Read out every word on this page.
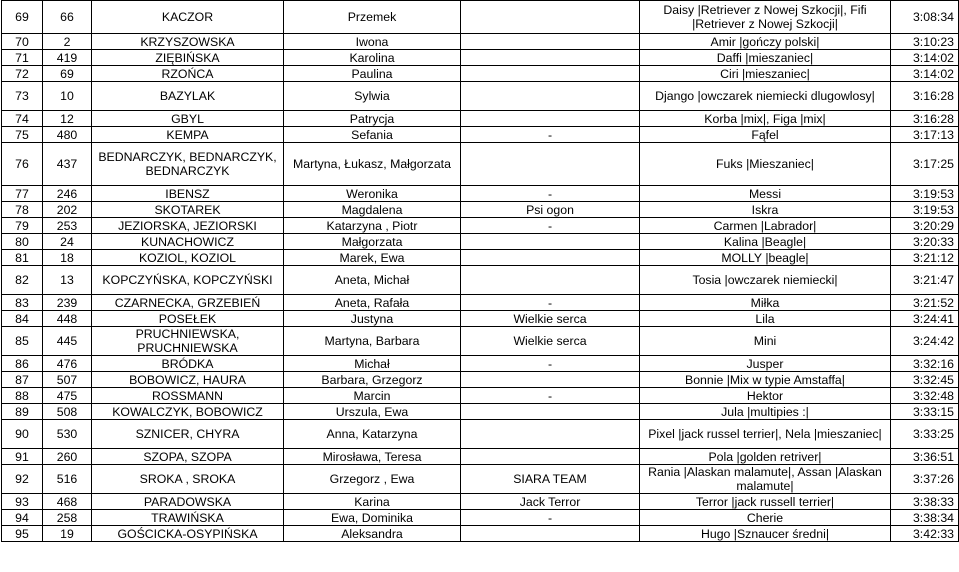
69	66	KACZOR	Przemek		Daisy |Retriever z Nowej Szkocji|, Fifi |Retriever z Nowej Szkocji|	3:08:34
70	2	KRZYSZOWSKA	Iwona		Amir |gończy polski|	3:10:23
71	419	ZIĘBIŃSKA	Karolina		Daffi |mieszaniec|	3:14:02
72	69	RZOŃCA	Paulina		Ciri |mieszaniec|	3:14:02
73	10	BAZYLAK	Sylwia		Django |owczarek niemiecki dlugowlosy|	3:16:28
74	12	GBYL	Patrycja		Korba |mix|, Figa |mix|	3:16:28
75	480	KEMPA	Sefania	-	Fąfel	3:17:13
76	437	BEDNARCZYK, BEDNARCZYK, BEDNARCZYK	Martyna, Łukasz, Małgorzata		Fuks |Mieszaniec|	3:17:25
77	246	IBENSZ	Weronika	-	Messi	3:19:53
78	202	SKOTAREK	Magdalena	Psi ogon	Iskra	3:19:53
79	253	JEZIORSKA, JEZIORSKI	Katarzyna , Piotr	-	Carmen |Labrador|	3:20:29
80	24	KUNACHOWICZ	Małgorzata		Kalina |Beagle|	3:20:33
81	18	KOZIOL, KOZIOL	Marek, Ewa		MOLLY |beagle|	3:21:12
82	13	KOPCZYŃSKA, KOPCZYŃSKI	Aneta, Michał		Tosia |owczarek niemiecki|	3:21:47
83	239	CZARNECKA, GRZEBIEŃ	Aneta, Rafała	-	Miłka	3:21:52
84	448	POSEŁEK	Justyna	Wielkie serca	Lila	3:24:41
85	445	PRUCHNIEWSKA, PRUCHNIEWSKA	Martyna, Barbara	Wielkie serca	Mini	3:24:42
86	476	BRÓDKA	Michał	-	Jusper	3:32:16
87	507	BOBOWICZ, HAURA	Barbara, Grzegorz		Bonnie |Mix w typie Amstaffa|	3:32:45
88	475	ROSSMANN	Marcin	-	Hektor	3:32:48
89	508	KOWALCZYK, BOBOWICZ	Urszula, Ewa		Jula |multipies :|	3:33:15
90	530	SZNICER, CHYRA	Anna, Katarzyna		Pixel |jack russel terrier|, Nela |mieszaniec|	3:33:25
91	260	SZOPA, SZOPA	Mirosława, Teresa		Pola |golden retriver|	3:36:51
92	516	SROKA , SROKA	Grzegorz , Ewa	SIARA TEAM	Rania |Alaskan malamute|, Assan |Alaskan malamute|	3:37:26
93	468	PARADOWSKA	Karina	Jack Terror	Terror |jack russell terrier|	3:38:33
94	258	TRAWIŃSKA	Ewa, Dominika	-	Cherie	3:38:34
95	19	GOŚCICKA-OSYPIŃSKA	Aleksandra		Hugo |Sznaucer średni|	3:42:33
